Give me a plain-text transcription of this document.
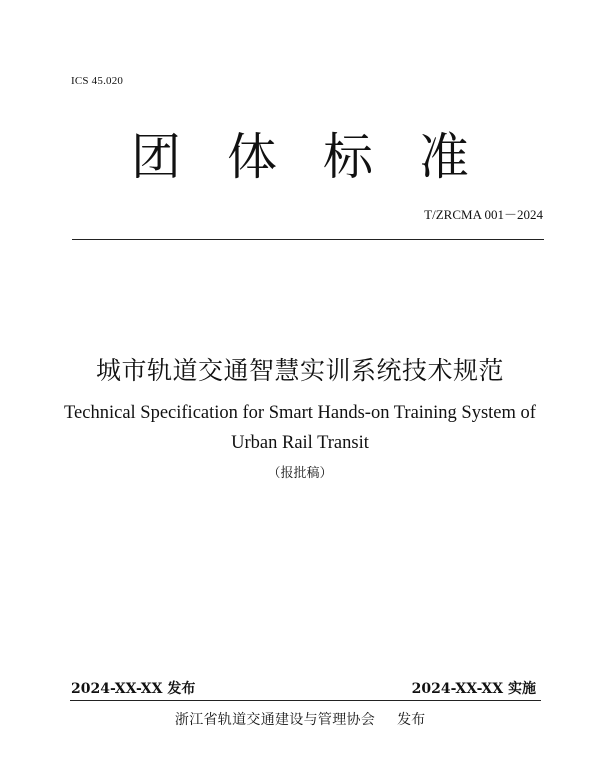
ICS 45.020
团体标准
T/ZRCMA 001－2024
城市轨道交通智慧实训系统技术规范
Technical Specification for Smart Hands-on Training System of
Urban Rail Transit
（报批稿）
2024-XX-XX 发布	2024-XX-XX 实施
浙江省轨道交通建设与管理协会 发布
